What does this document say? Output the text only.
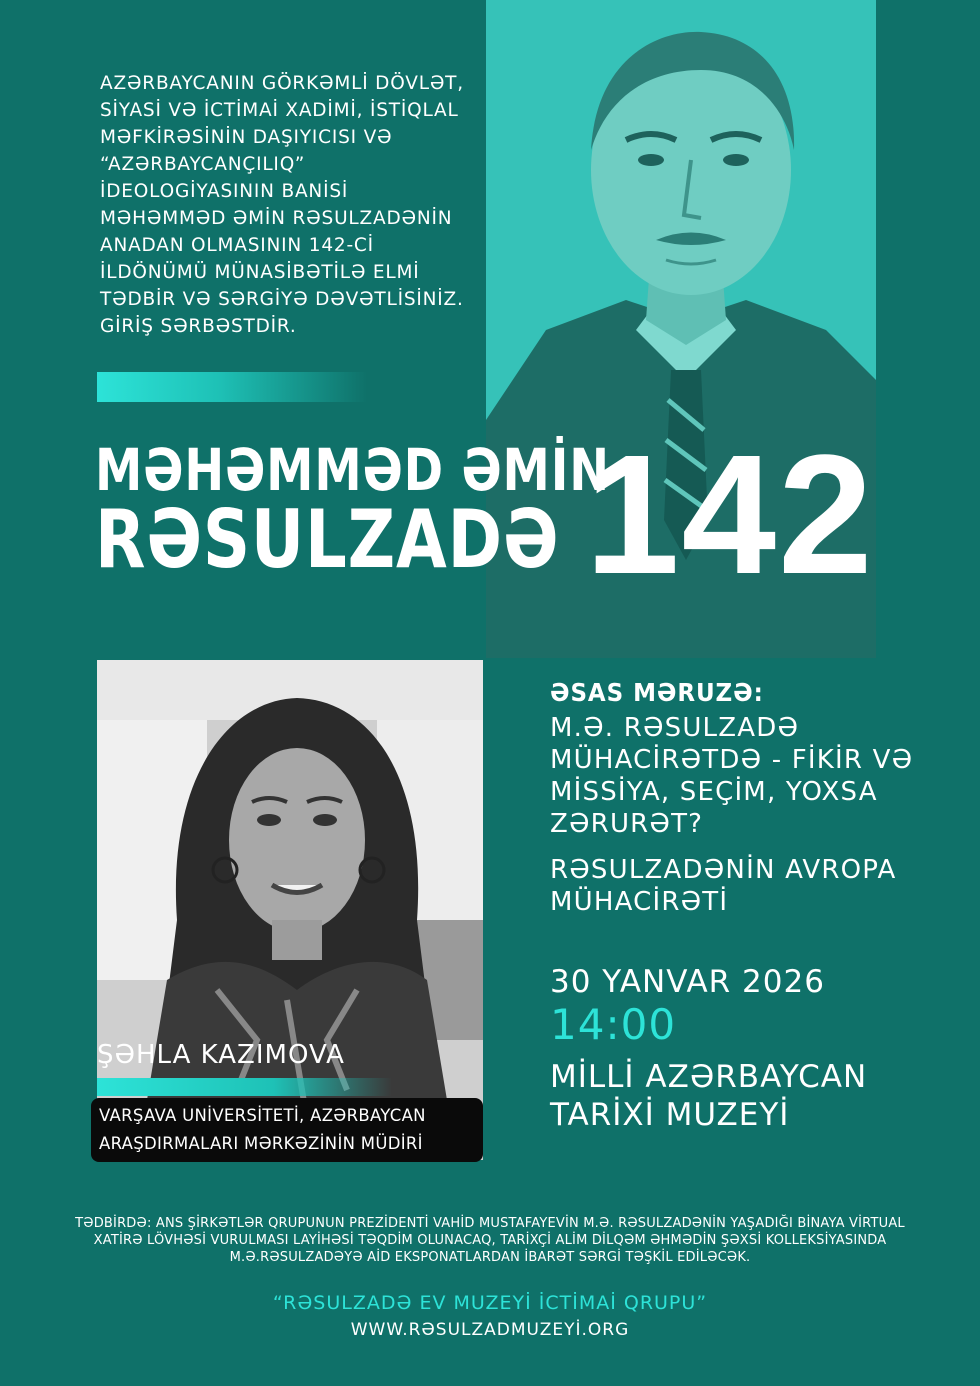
AZƏRBAYCANIN GÖRKƏMLİ DÖVLƏT, SİYASİ VƏ İCTİMAİ XADİMİ, İSTİQLAL MƏFKİRƏSİNİN DAŞIYICISI VƏ “AZƏRBAYCANÇILIQ” İDEOLOGİYASININ BANİSİ MƏHƏMMƏD ƏMİN RƏSULZADƏNİN ANADAN OLMASININ 142-Cİ İLDÖNÜMÜ MÜNASİBƏTİLƏ ELMİ TƏDBİR VƏ SƏRGİYƏ DƏVƏTLİSİNİZ. GİRİŞ SƏRBƏSTDİR.
MƏHƏMMƏD ƏMİN
RƏSULZADƏ 142
ŞƏHLA KAZIMOVA
VARŞAVA UNİVERSİTETİ, AZƏRBAYCAN
ARAŞDIRMALARI MƏRKƏZİNİN MÜDİRİ
ƏSAS MƏRUZƏ:
M.Ə. RƏSULZADƏ MÜHACİRƏTDƏ - FİKİR VƏ MİSSİYA, SEÇİM, YOXSA ZƏRURƏT?
RƏSULZADƏNİN AVROPA MÜHACİRƏTİ
30 YANVAR 2026
14:00
MİLLİ AZƏRBAYCAN TARİXİ MUZEYİ
TƏDBİRDƏ: ANS ŞİRKƏTLƏR QRUPUNUN PREZİDENTİ VAHİD MUSTAFAYEVİN M.Ə. RƏSULZADƏNİN YAŞADIĞI BİNAYA VİRTUAL XATİRƏ LÖVHƏSİ VURULMASI LAYİHƏSİ TƏQDİM OLUNACAQ, TARİXÇİ ALİM DİLQƏM ƏHMƏDİN ŞƏXSİ KOLLEKSİYASINDA M.Ə.RƏSULZADƏYƏ AİD EKSPONATLARDAN İBARƏT SƏRGİ TƏŞKİL EDİLƏCƏK.
“RƏSULZADƏ EV MUZEYİ İCTİMAİ QRUPU”
WWW.RƏSULZADMUZEYİ.ORG
